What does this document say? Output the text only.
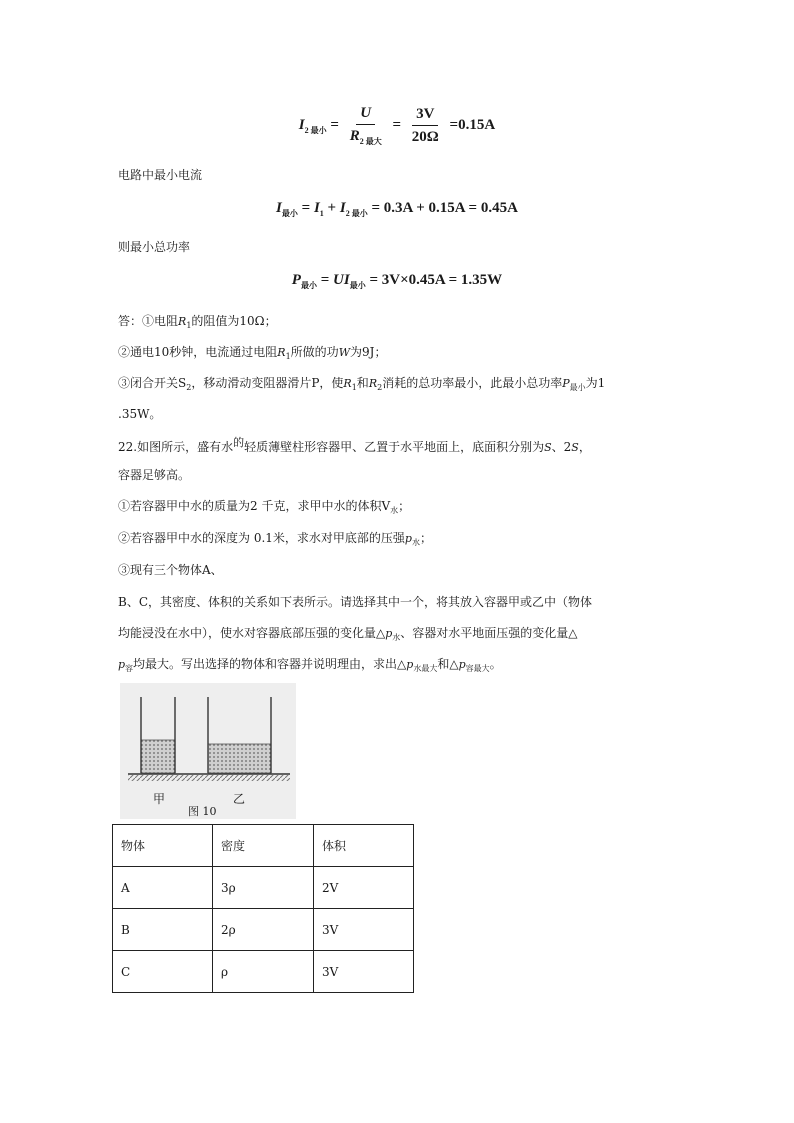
$I_{2 最小} = \frac{U}{R_{2 最大}} = \frac{3V}{20\Omega} =0.15A$
电路中最小电流
$I_{最小} = I_1 + I_{2 最小} = 0.3A + 0.15A = 0.45A$
则最小总功率
$P_{最小} = UI_{最小} = 3V\times 0.45A = 1.35W$
答：①电阻$R_1$的阻值为10Ω；
②通电10秒钟，电流通过电阻$R_1$所做的功W为9J；
③闭合开关$S_2$，移动滑动变阻器滑片P，使$R_1$和$R_2$消耗的总功率最小，此最小总功率$P_{最小}$为1
.35W。
22.如图所示，盛有水的轻质薄壁柱形容器甲、乙置于水平地面上，底面积分别为S、2S，
容器足够高。
①若容器甲中水的质量为2 千克，求甲中水的体积$V_水$；
②若容器甲中水的深度为 0.1米，求水对甲底部的压强$p_水$；
③现有三个物体A、
B、C，其密度、体积的关系如下表所示。请选择其中一个，将其放入容器甲或乙中（物体
均能浸没在水中），使水对容器底部压强的变化量$\triangle p_水$、容器对水平地面压强的变化量△
$p_容$均最大。写出选择的物体和容器并说明理由，求出$\triangle p_{水最大}$和$\triangle p_{容最大}$。
甲	乙
图 10
物体	密度	体积
A	3ρ	2V
B	2ρ	3V
C	ρ	3V
